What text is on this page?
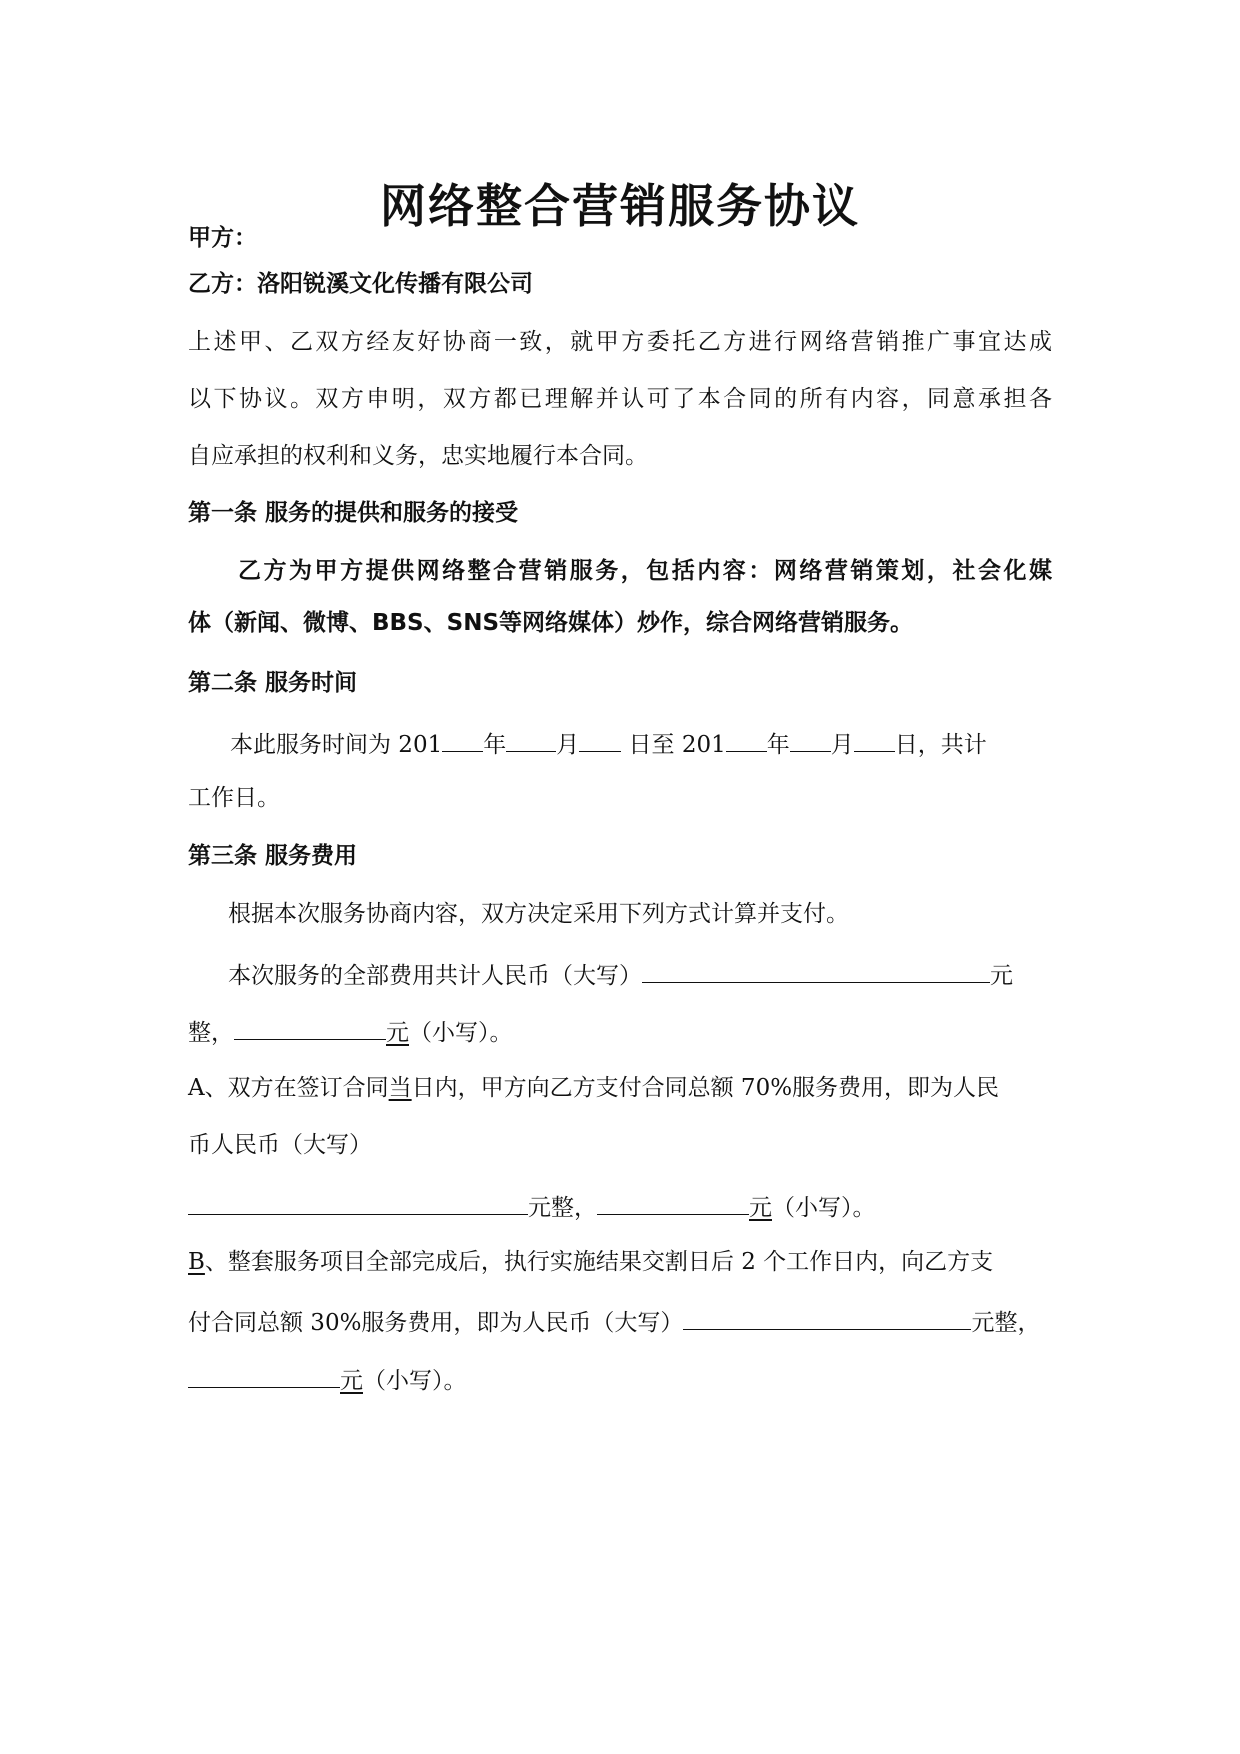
网络整合营销服务协议
甲方：
乙方：洛阳锐溪文化传播有限公司
上述甲、乙双方经友好协商一致，就甲方委托乙方进行网络营销推广事宜达成
以下协议。双方申明，双方都已理解并认可了本合同的所有内容，同意承担各
自应承担的权利和义务，忠实地履行本合同。
第一条 服务的提供和服务的接受
乙方为甲方提供网络整合营销服务，包括内容：网络营销策划，社会化媒
体（新闻、微博、BBS、SNS等网络媒体）炒作，综合网络营销服务。
第二条 服务时间
本此服务时间为 201 年 月 日至 201 年 月 日，共计
工作日。
第三条 服务费用
根据本次服务协商内容，双方决定采用下列方式计算并支付。
本次服务的全部费用共计人民币（大写）	元
整，	元（小写）。
A、双方在签订合同当日内，甲方向乙方支付合同总额 70%服务费用，即为人民
币人民币（大写）
元整，	元（小写）。
B、整套服务项目全部完成后，执行实施结果交割日后 2 个工作日内，向乙方支
付合同总额 30%服务费用，即为人民币（大写）	元整，
元（小写）。
